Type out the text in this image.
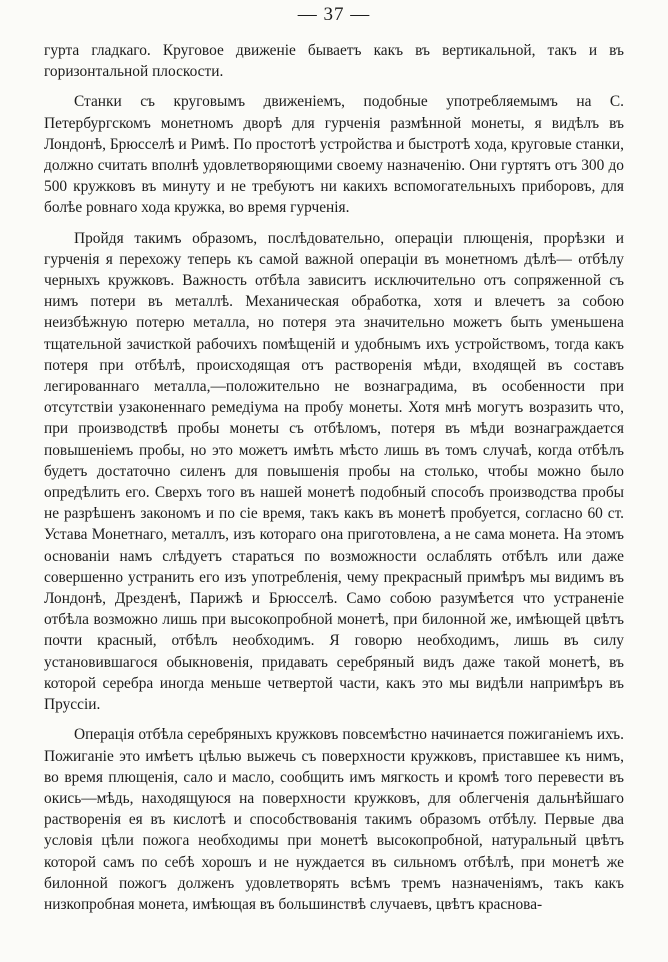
— 37 —

гурта гладкаго. Круговое движеніе бываетъ какъ въ вертикальной, такъ и въ горизонтальной плоскости.

Станки съ круговымъ движеніемъ, подобные употребляемымъ на С. Петербургскомъ монетномъ дворѣ для гурченія размѣнной монеты, я видѣлъ въ Лондонѣ, Брюсселѣ и Римѣ. По простотѣ устройства и быстротѣ хода, круговые станки, должно считать вполнѣ удовлетворяющими своему назначенію. Они гуртятъ отъ 300 до 500 кружковъ въ минуту и не требуютъ ни какихъ вспомогательныхъ приборовъ, для болѣе ровнаго хода кружка, во время гурченія.

Пройдя такимъ образомъ, послѣдовательно, операціи плющенія, прорѣзки и гурченія я перехожу теперь къ самой важной операціи въ монетномъ дѣлѣ— отбѣлу черныхъ кружковъ. Важность отбѣла зависитъ исключительно отъ сопряженной съ нимъ потери въ металлѣ. Механическая обработка, хотя и влечетъ за собою неизбѣжную потерю металла, но потеря эта значительно можетъ быть уменьшена тщательной зачисткой рабочихъ помѣщеній и удобнымъ ихъ устройствомъ, тогда какъ потеря при отбѣлѣ, происходящая отъ растворенія мѣди, входящей въ составъ легированнаго металла,—положительно не вознаградима, въ особенности при отсутствіи узаконеннаго ремедіума на пробу монеты. Хотя мнѣ могутъ возразить что, при производствѣ пробы монеты съ отбѣломъ, потеря въ мѣди вознаграждается повышеніемъ пробы, но это можетъ имѣть мѣсто лишь въ томъ случаѣ, когда отбѣлъ будетъ достаточно силенъ для повышенія пробы на столько, чтобы можно было опредѣлить его. Сверхъ того въ нашей монетѣ подобный способъ производства пробы не разрѣшенъ закономъ и по сіе время, такъ какъ въ монетѣ пробуется, согласно 60 ст. Устава Монетнаго, металлъ, изъ котораго она приготовлена, а не сама монета. На этомъ основаніи намъ слѣдуетъ стараться по возможности ослаблять отбѣлъ или даже совершенно устранить его изъ употребленія, чему прекрасный примѣръ мы видимъ въ Лондонѣ, Дрезденѣ, Парижѣ и Брюсселѣ. Само собою разумѣется что устраненіе отбѣла возможно лишь при высокопробной монетѣ, при билонной же, имѣющей цвѣтъ почти красный, отбѣлъ необходимъ. Я говорю необходимъ, лишь въ силу установившагося обыкновенія, придавать серебряный видъ даже такой монетѣ, въ которой серебра иногда меньше четвертой части, какъ это мы видѣли напримѣръ въ Пруссіи.

Операція отбѣла серебряныхъ кружковъ повсемѣстно начинается пожиганіемъ ихъ. Пожиганіе это имѣетъ цѣлью выжечь съ поверхности кружковъ, приставшее къ нимъ, во время плющенія, сало и масло, сообщить имъ мягкость и кромѣ того перевести въ окись—мѣдь, находящуюся на поверхности кружковъ, для облегченія дальнѣйшаго растворенія ея въ кислотѣ и способствованія такимъ образомъ отбѣлу. Первые два условія цѣли пожога необходимы при монетѣ высокопробной, натуральный цвѣтъ которой самъ по себѣ хорошъ и не нуждается въ сильномъ отбѣлѣ, при монетѣ же билонной пожогъ долженъ удовлетворять всѣмъ тремъ назначеніямъ, такъ какъ низкопробная монета, имѣющая въ большинствѣ случаевъ, цвѣтъ краснова-
